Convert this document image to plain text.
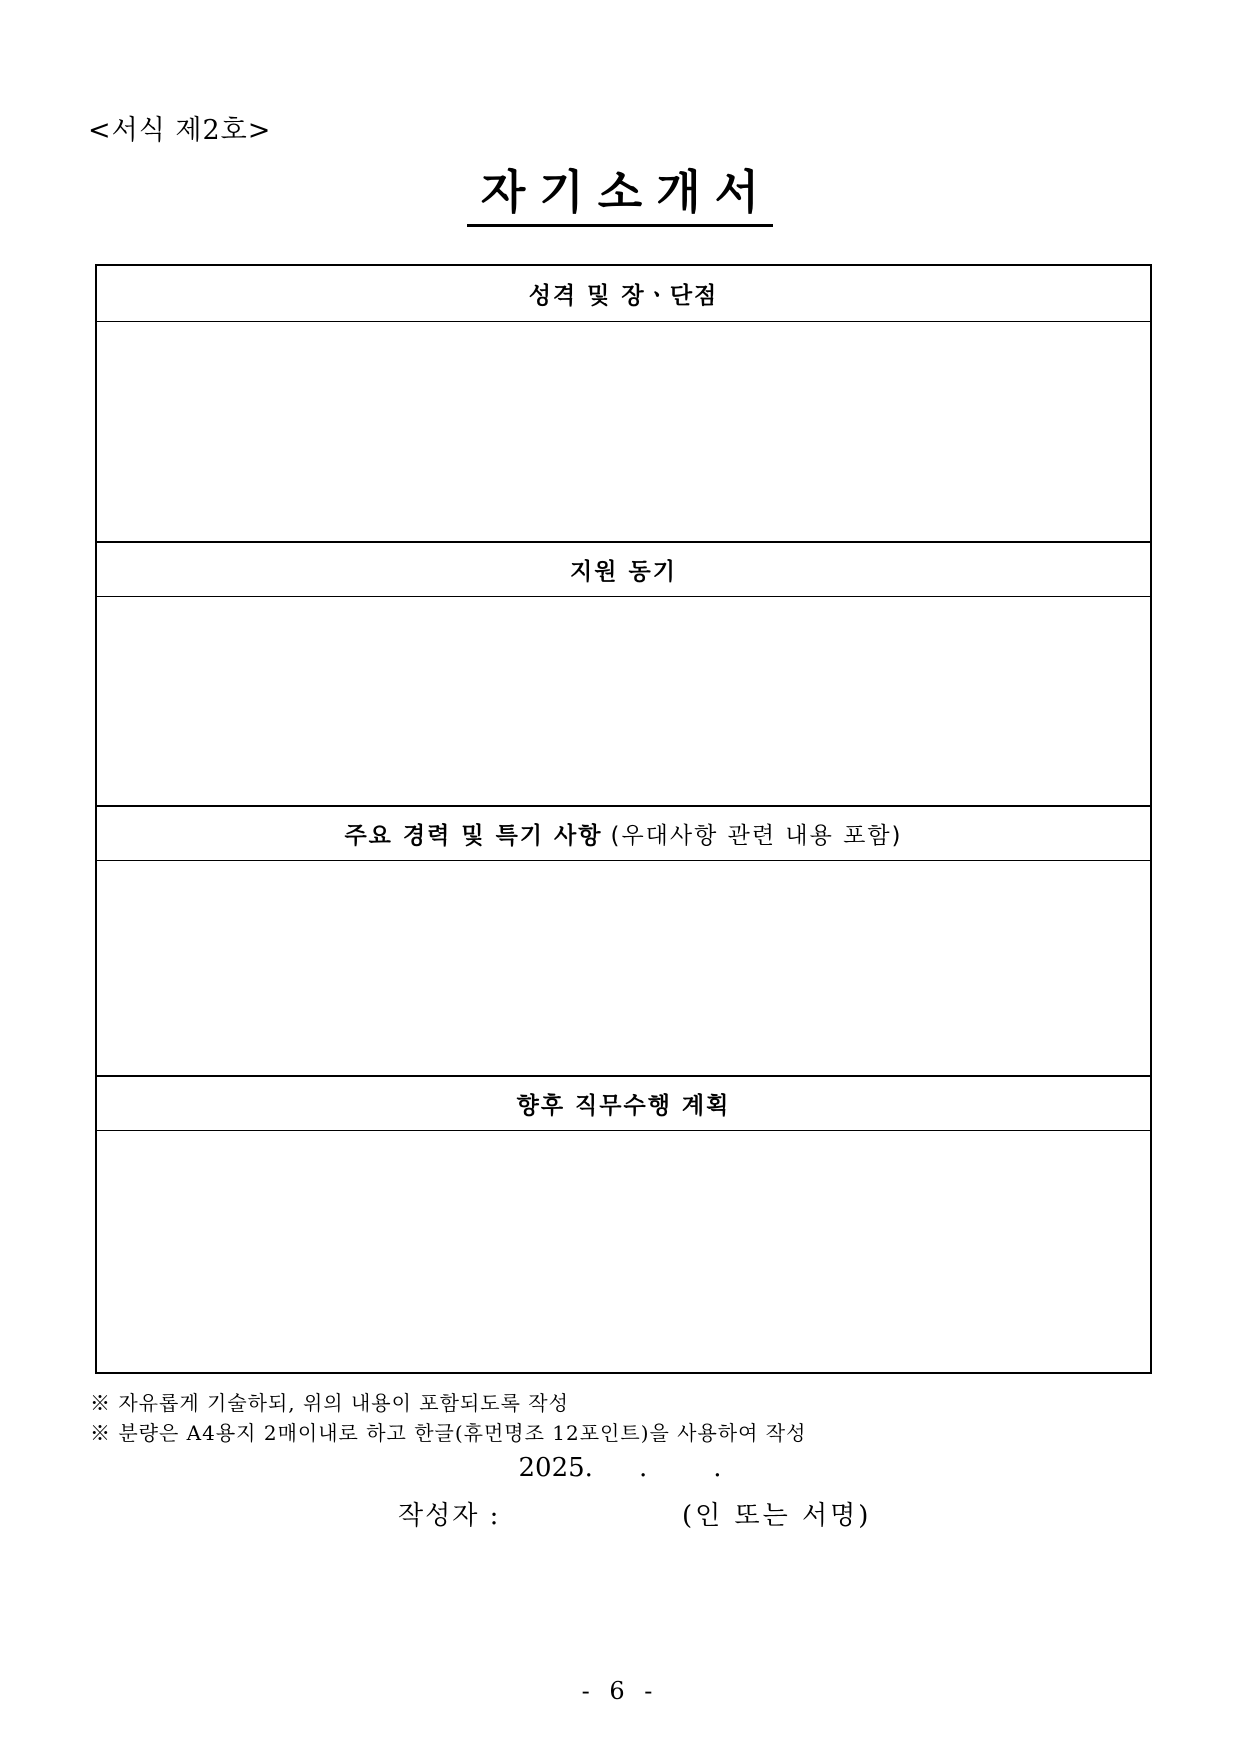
<서식 제2호>
자기소개서
성격 및 장ㆍ단점
지원 동기
주요 경력 및 특기 사항 (우대사항 관련 내용 포함)
향후 직무수행 계획
※ 자유롭게 기술하되, 위의 내용이 포함되도록 작성
※ 분량은 A4용지 2매이내로 하고 한글(휴먼명조 12포인트)을 사용하여 작성
2025. .	.
작성자 :	(인 또는 서명)
- 6 -
